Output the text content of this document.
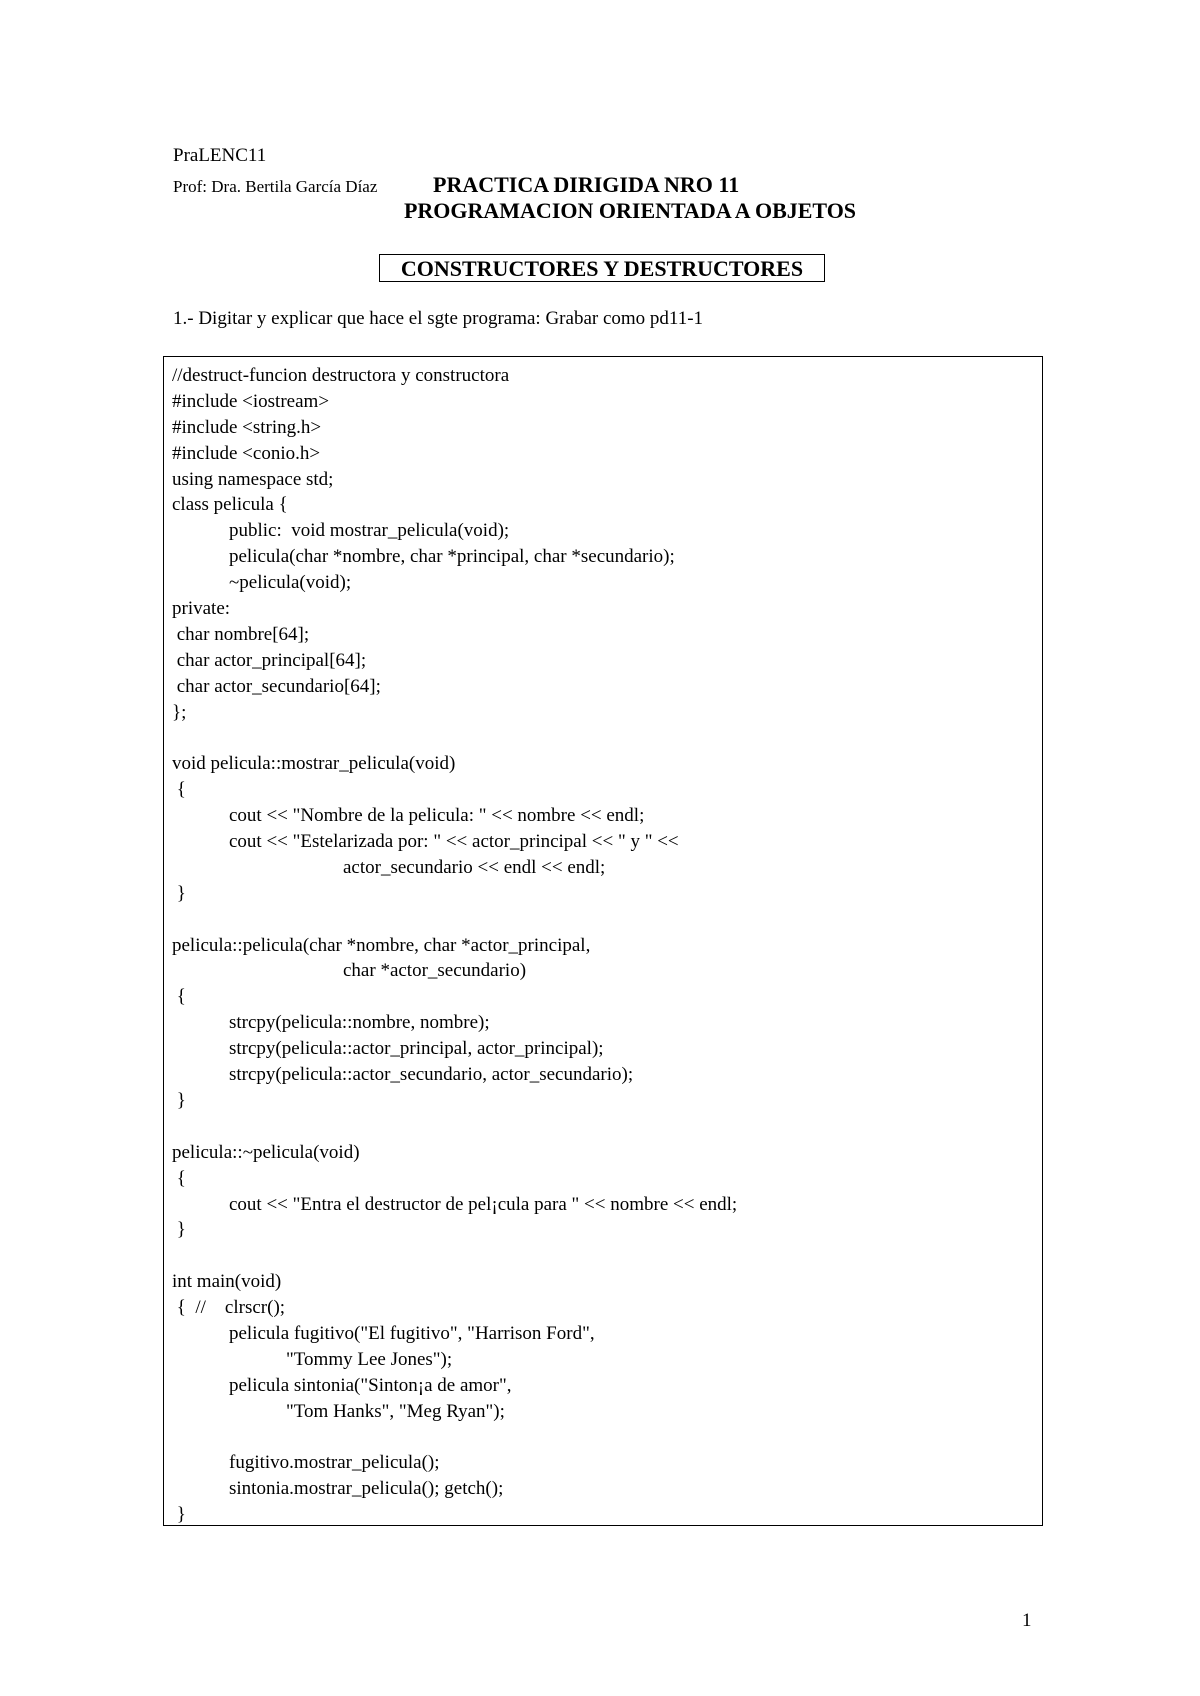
PraLENC11
Prof: Dra. Bertila García Díaz	PRACTICA DIRIGIDA NRO 11
PROGRAMACION ORIENTADA A OBJETOS
CONSTRUCTORES Y DESTRUCTORES
1.- Digitar y explicar que hace el sgte programa: Grabar como pd11-1
//destruct-funcion destructora y constructora
#include <iostream>
#include <string.h>
#include <conio.h>
using namespace std;
class pelicula {
public:  void mostrar_pelicula(void);
pelicula(char *nombre, char *principal, char *secundario);
~pelicula(void);
private:
char nombre[64];
char actor_principal[64];
char actor_secundario[64];
};

void pelicula::mostrar_pelicula(void)
{
cout << "Nombre de la pelicula: " << nombre << endl;
cout << "Estelarizada por: " << actor_principal << " y " <<
actor_secundario << endl << endl;
}

pelicula::pelicula(char *nombre, char *actor_principal,
char *actor_secundario)
{
strcpy(pelicula::nombre, nombre);
strcpy(pelicula::actor_principal, actor_principal);
strcpy(pelicula::actor_secundario, actor_secundario);
}

pelicula::~pelicula(void)
{
cout << "Entra el destructor de pel¡cula para " << nombre << endl;
}

int main(void)
{  //    clrscr();
pelicula fugitivo("El fugitivo", "Harrison Ford",
"Tommy Lee Jones");
pelicula sintonia("Sinton¡a de amor",
"Tom Hanks", "Meg Ryan");

fugitivo.mostrar_pelicula();
sintonia.mostrar_pelicula(); getch();
}
1
